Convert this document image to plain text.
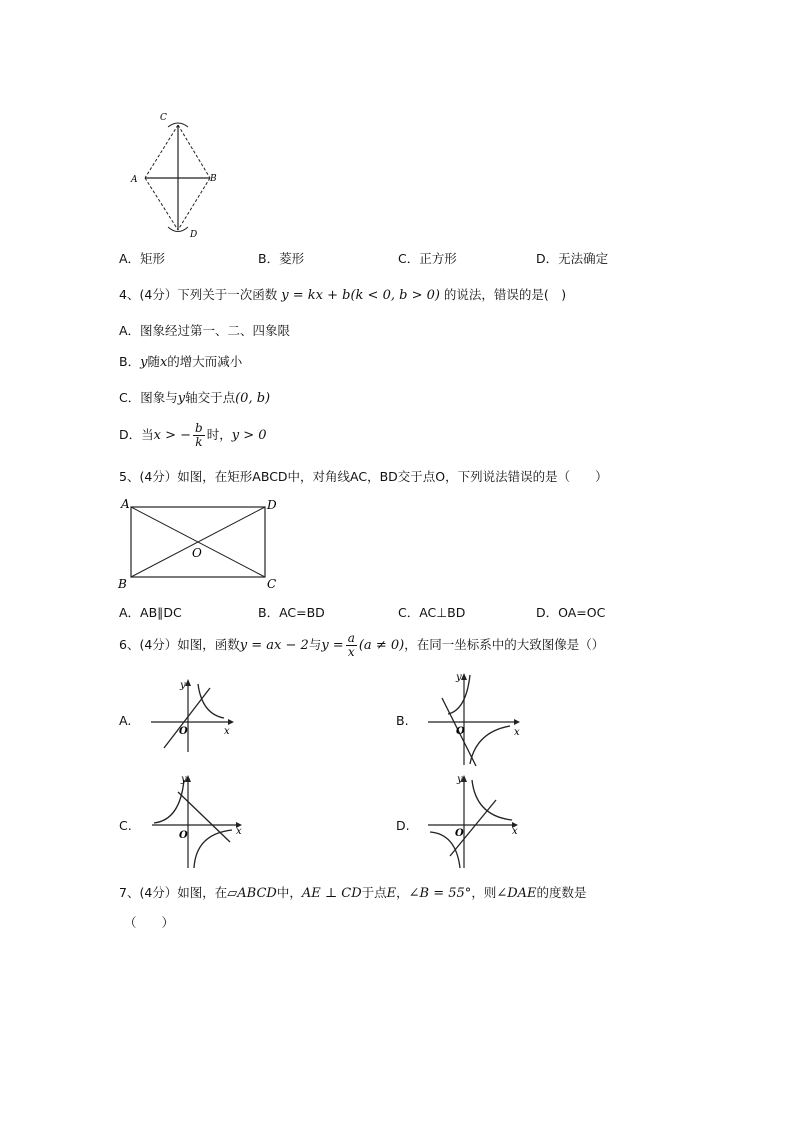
C
A	B
D
A．矩形	B．菱形	C．正方形	D．无法确定
4、(4分）下列关于一次函数 y = kx + b(k < 0, b > 0) 的说法，错误的是(　)
A．图象经过第一、二、四象限
B．y随x的增大而减小
C．图象与y轴交于点(0, b)
D．当x > − $\frac{b}{k}$ 时，y > 0
5、(4分）如图，在矩形ABCD中，对角线AC，BD交于点O，下列说法错误的是（　　）
A	D
B	C
O
A．AB∥DC	B．AC=BD	C．AC⊥BD	D．OA=OC
6、(4分）如图，函数y = ax − 2与$y = \frac{a}{x} (a \ne 0)$，在同一坐标系中的大致图像是（）
A.	B.
C.	D.
y
x
O
y
x
O
y
x
O
y
x
O
7、(4分）如图，在▱ABCD中，AE ⊥ CD于点E，∠B = 55°，则∠DAE的度数是
（　　）
